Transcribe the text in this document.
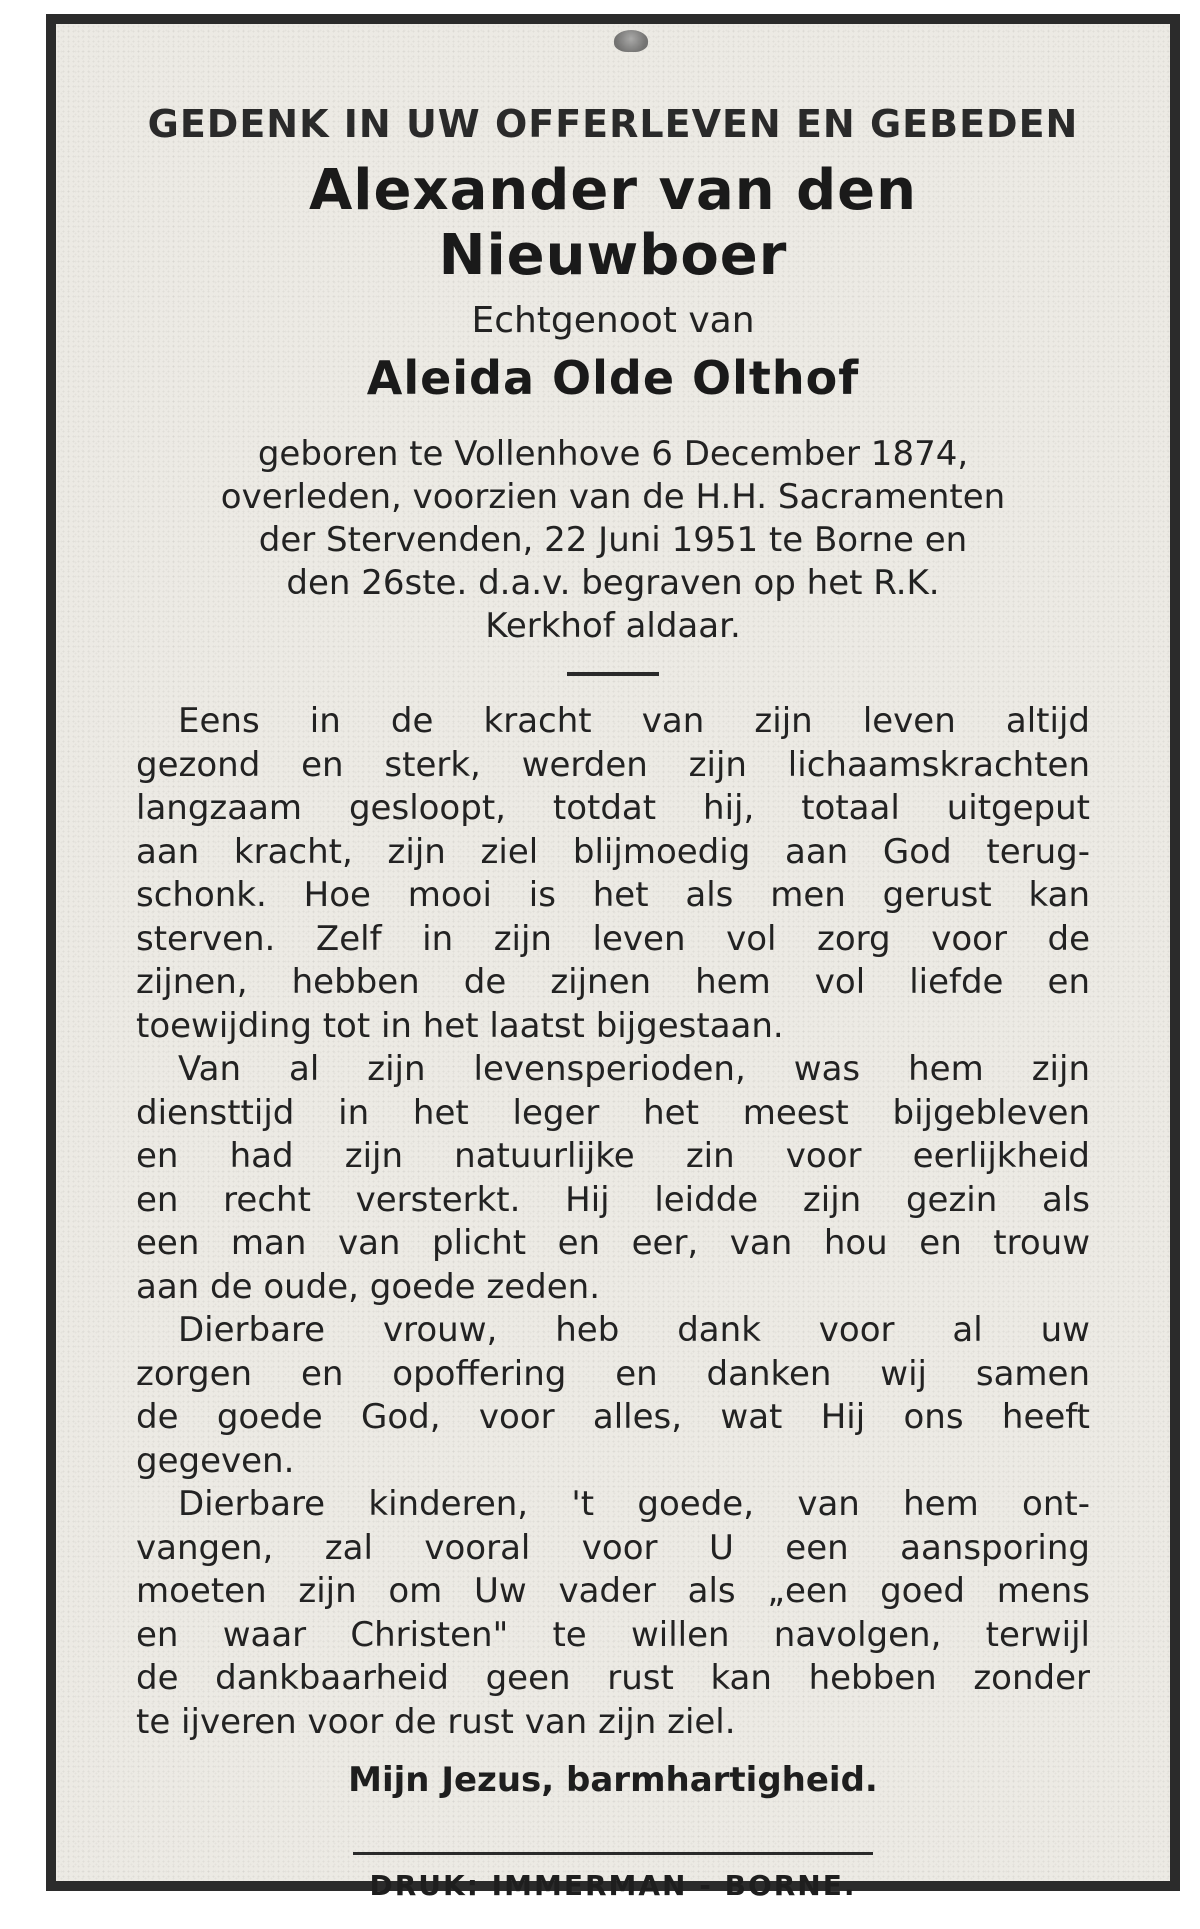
GEDENK IN UW OFFERLEVEN EN GEBEDEN
Alexander van den Nieuwboer
Echtgenoot van
Aleida Olde Olthof
geboren te Vollenhove 6 December 1874,
overleden, voorzien van de H.H. Sacramenten
der Stervenden, 22 Juni 1951 te Borne en
den 26ste. d.a.v. begraven op het R.K.
Kerkhof aldaar.
Eens in de kracht van zijn leven altijd
gezond en sterk, werden zijn lichaamskrachten
langzaam gesloopt, totdat hij, totaal uitgeput
aan kracht, zijn ziel blijmoedig aan God terug-
schonk. Hoe mooi is het als men gerust kan
sterven. Zelf in zijn leven vol zorg voor de
zijnen, hebben de zijnen hem vol liefde en
toewijding tot in het laatst bijgestaan.
Van al zijn levensperioden, was hem zijn
diensttijd in het leger het meest bijgebleven
en had zijn natuurlijke zin voor eerlijkheid
en recht versterkt. Hij leidde zijn gezin als
een man van plicht en eer, van hou en trouw
aan de oude, goede zeden.
Dierbare vrouw, heb dank voor al uw
zorgen en opoffering en danken wij samen
de goede God, voor alles, wat Hij ons heeft
gegeven.
Dierbare kinderen, 't goede, van hem ont-
vangen, zal vooral voor U een aansporing
moeten zijn om Uw vader als „een goed mens
en waar Christen" te willen navolgen, terwijl
de dankbaarheid geen rust kan hebben zonder
te ijveren voor de rust van zijn ziel.
Mijn Jezus, barmhartigheid.
DRUK: IMMERMAN - BORNE.
